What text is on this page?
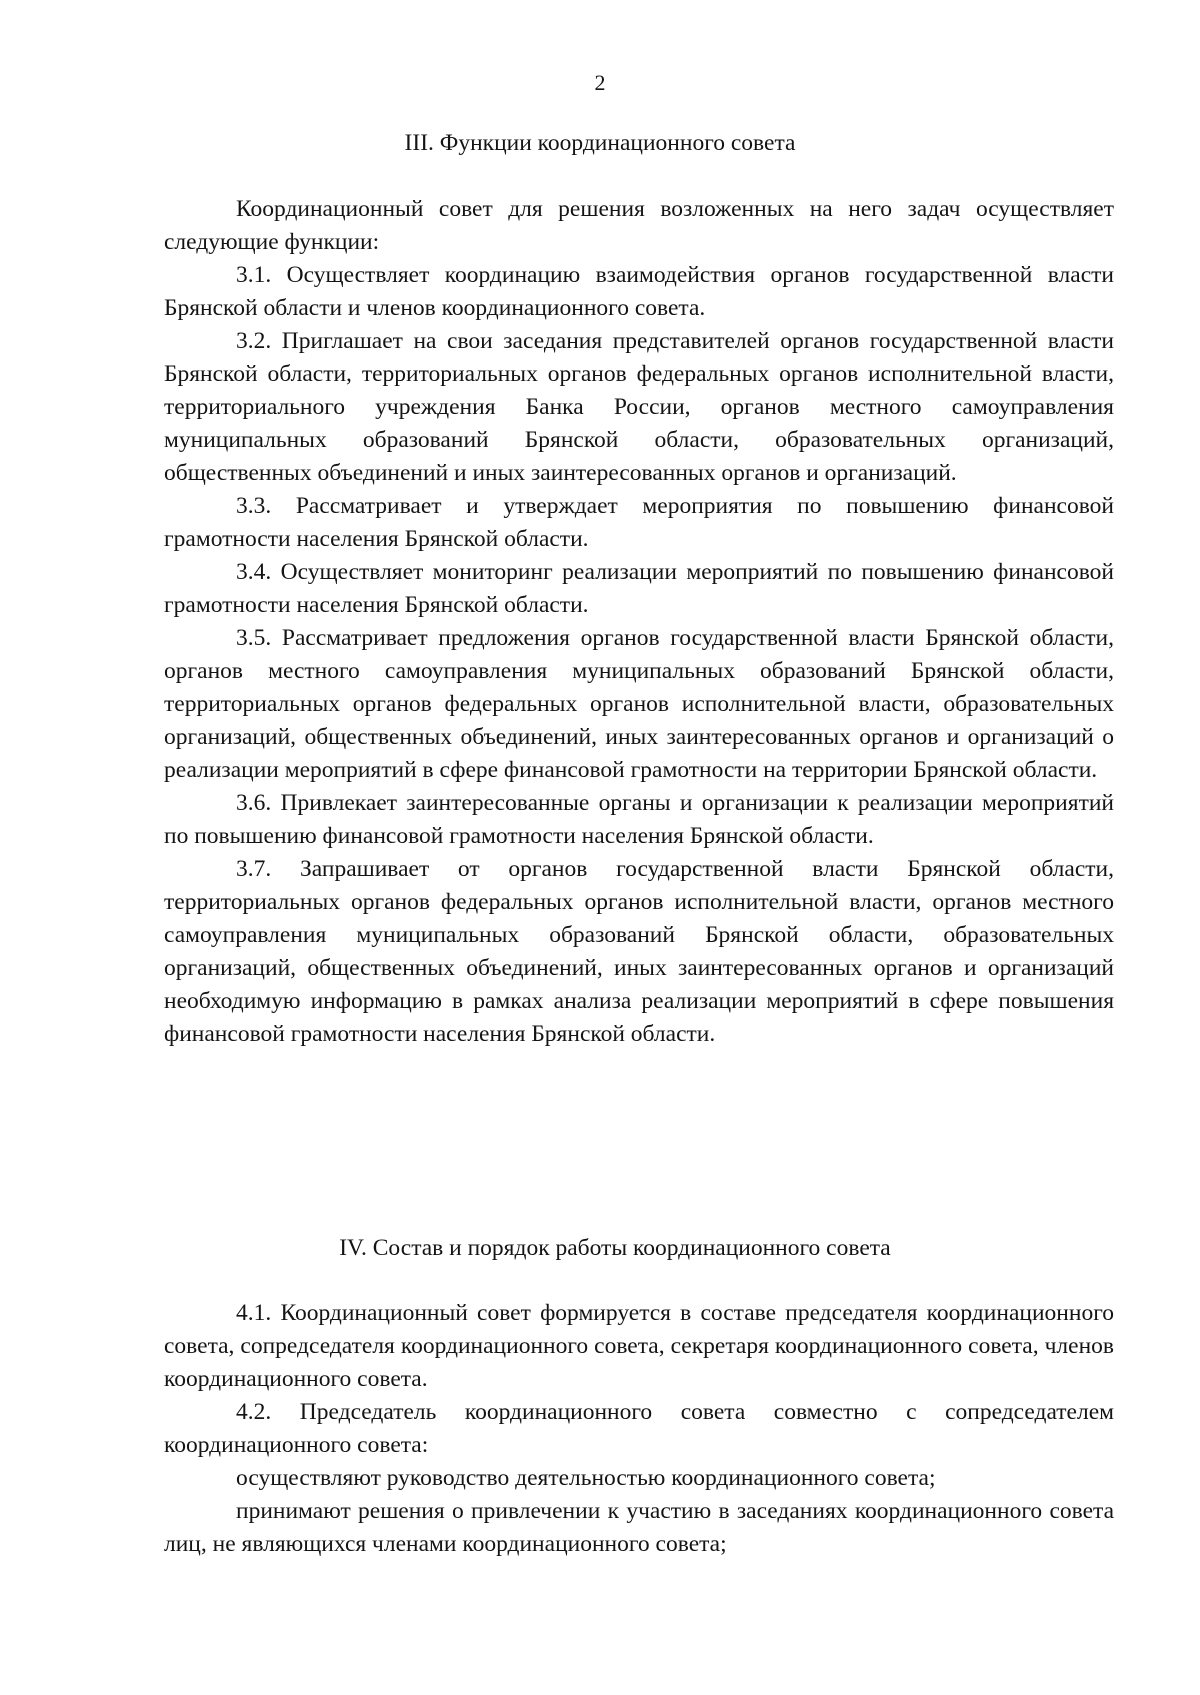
2
III. Функции координационного совета

Координационный совет для решения возложенных на него задач осуществляет следующие функции:

3.1. Осуществляет координацию взаимодействия органов государственной власти Брянской области и членов координационного совета.

3.2. Приглашает на свои заседания представителей органов государственной власти Брянской области, территориальных органов федеральных органов исполнительной власти, территориального учреждения Банка России, органов местного самоуправления муниципальных образований Брянской области, образовательных организаций, общественных объединений и иных заинтересованных органов и организаций.

3.3. Рассматривает и утверждает мероприятия по повышению финансовой грамотности населения Брянской области.

3.4. Осуществляет мониторинг реализации мероприятий по повышению финансовой грамотности населения Брянской области.

3.5. Рассматривает предложения органов государственной власти Брянской области, органов местного самоуправления муниципальных образований Брянской области, территориальных органов федеральных органов исполнительной власти, образовательных организаций, общественных объединений, иных заинтересованных органов и организаций о реализации мероприятий в сфере финансовой грамотности на территории Брянской области.

3.6. Привлекает заинтересованные органы и организации к реализации мероприятий по повышению финансовой грамотности населения Брянской области.

3.7. Запрашивает от органов государственной власти Брянской области, территориальных органов федеральных органов исполнительной власти, органов местного самоуправления муниципальных образований Брянской области, образовательных организаций, общественных объединений, иных заинтересованных органов и организаций необходимую информацию в рамках анализа реализации мероприятий в сфере повышения финансовой грамотности населения Брянской области.

IV. Состав и порядок работы координационного совета

4.1. Координационный совет формируется в составе председателя координационного совета, сопредседателя координационного совета, секретаря координационного совета, членов координационного совета.

4.2. Председатель координационного совета совместно с сопредседателем координационного совета:

осуществляют руководство деятельностью координационного совета;

принимают решения о привлечении к участию в заседаниях координационного совета лиц, не являющихся членами координационного совета;
